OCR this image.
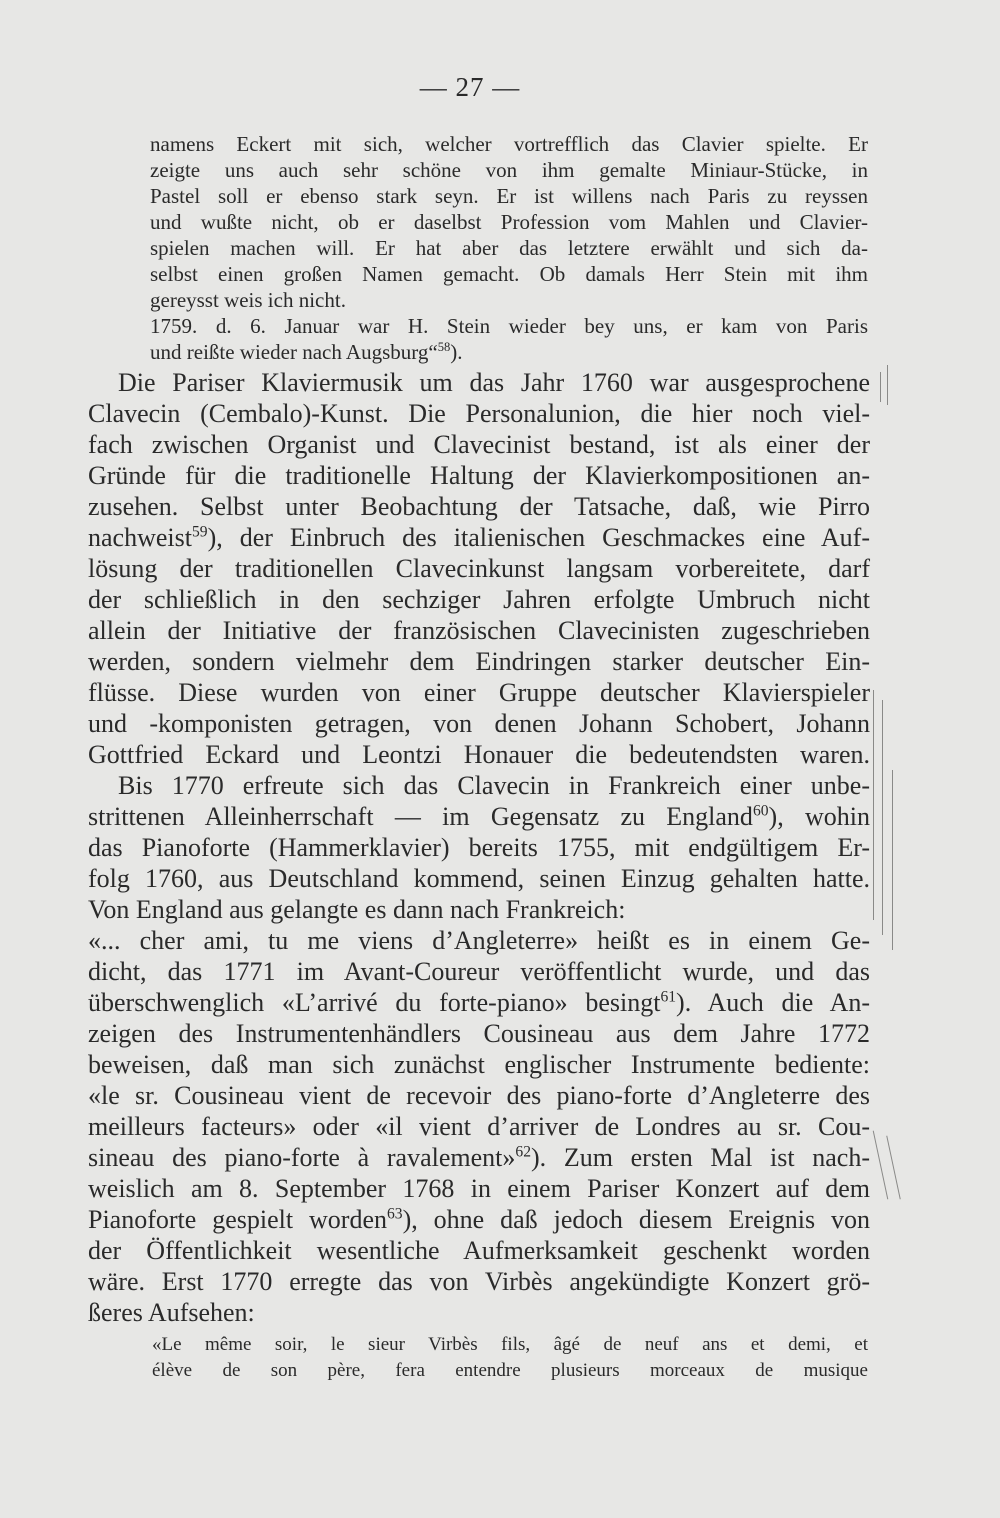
— 27 —
namens Eckert mit sich, welcher vortrefflich das Clavier spielte. Er
zeigte uns auch sehr schöne von ihm gemalte Miniaur-Stücke, in
Pastel soll er ebenso stark seyn. Er ist willens nach Paris zu reyssen
und wußte nicht, ob er daselbst Profession vom Mahlen und Clavier-
spielen machen will. Er hat aber das letztere erwählt und sich da-
selbst einen großen Namen gemacht. Ob damals Herr Stein mit ihm
gereysst weis ich nicht.
1759. d. 6. Januar war H. Stein wieder bey uns, er kam von Paris
und reißte wieder nach Augsburg“$^{58}$).
Die Pariser Klaviermusik um das Jahr 1760 war ausgesprochene
Clavecin (Cembalo)-Kunst. Die Personalunion, die hier noch viel-
fach zwischen Organist und Clavecinist bestand, ist als einer der
Gründe für die traditionelle Haltung der Klavierkompositionen an-
zusehen. Selbst unter Beobachtung der Tatsache, daß, wie Pirro
nachweist$^{59}$), der Einbruch des italienischen Geschmackes eine Auf-
lösung der traditionellen Clavecinkunst langsam vorbereitete, darf
der schließlich in den sechziger Jahren erfolgte Umbruch nicht
allein der Initiative der französischen Clavecinisten zugeschrieben
werden, sondern vielmehr dem Eindringen starker deutscher Ein-
flüsse. Diese wurden von einer Gruppe deutscher Klavierspieler
und -komponisten getragen, von denen Johann Schobert, Johann
Gottfried Eckard und Leontzi Honauer die bedeutendsten waren.
Bis 1770 erfreute sich das Clavecin in Frankreich einer unbe-
strittenen Alleinherrschaft — im Gegensatz zu England$^{60}$), wohin
das Pianoforte (Hammerklavier) bereits 1755, mit endgültigem Er-
folg 1760, aus Deutschland kommend, seinen Einzug gehalten hatte.
Von England aus gelangte es dann nach Frankreich:
«... cher ami, tu me viens d’Angleterre» heißt es in einem Ge-
dicht, das 1771 im Avant-Coureur veröffentlicht wurde, und das
überschwenglich «L’arrivé du forte-piano» besingt$^{61}$). Auch die An-
zeigen des Instrumentenhändlers Cousineau aus dem Jahre 1772
beweisen, daß man sich zunächst englischer Instrumente bediente:
«le sr. Cousineau vient de recevoir des piano-forte d’Angleterre des
meilleurs facteurs» oder «il vient d’arriver de Londres au sr. Cou-
sineau des piano-forte à ravalement»$^{62}$). Zum ersten Mal ist nach-
weislich am 8. September 1768 in einem Pariser Konzert auf dem
Pianoforte gespielt worden$^{63}$), ohne daß jedoch diesem Ereignis von
der Öffentlichkeit wesentliche Aufmerksamkeit geschenkt worden
wäre. Erst 1770 erregte das von Virbès angekündigte Konzert grö-
ßeres Aufsehen:
«Le même soir, le sieur Virbès fils, âgé de neuf ans et demi, et
élève de son père, fera entendre plusieurs morceaux de musique
